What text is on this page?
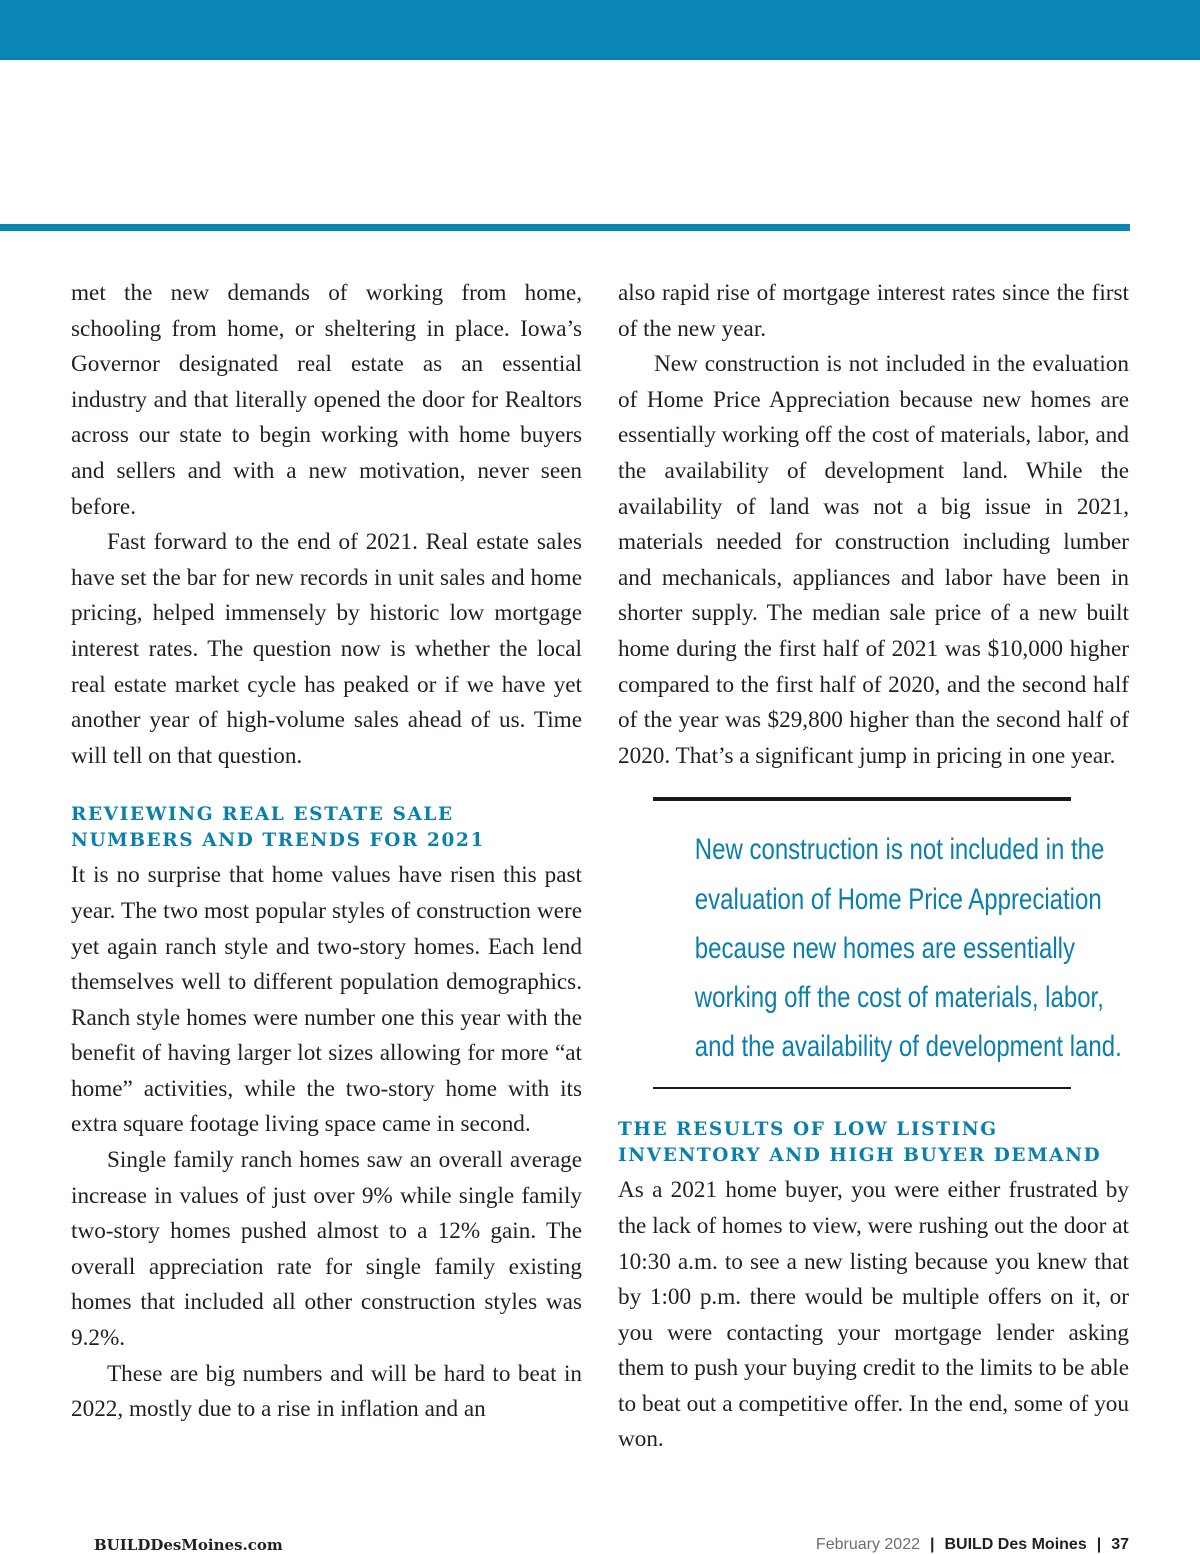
met the new demands of working from home, schooling from home, or sheltering in place. Iowa’s Governor designated real estate as an essential industry and that literally opened the door for Realtors across our state to begin working with home buyers and sellers and with a new motivation, never seen before.

Fast forward to the end of 2021. Real estate sales have set the bar for new records in unit sales and home pricing, helped immensely by historic low mortgage interest rates. The question now is whether the local real estate market cycle has peaked or if we have yet another year of high-volume sales ahead of us. Time will tell on that question.

REVIEWING REAL ESTATE SALE NUMBERS AND TRENDS FOR 2021

It is no surprise that home values have risen this past year. The two most popular styles of construction were yet again ranch style and two-story homes. Each lend themselves well to different population demographics. Ranch style homes were number one this year with the benefit of having larger lot sizes allowing for more “at home” activities, while the two-story home with its extra square footage living space came in second.

Single family ranch homes saw an overall average increase in values of just over 9% while single family two-story homes pushed almost to a 12% gain. The overall appreciation rate for single family existing homes that included all other construction styles was 9.2%.

These are big numbers and will be hard to beat in 2022, mostly due to a rise in inflation and an

also rapid rise of mortgage interest rates since the first of the new year.

New construction is not included in the evaluation of Home Price Appreciation because new homes are essentially working off the cost of materials, labor, and the availability of development land. While the availability of land was not a big issue in 2021, materials needed for construction including lumber and mechanicals, appliances and labor have been in shorter supply. The median sale price of a new built home during the first half of 2021 was $10,000 higher compared to the first half of 2020, and the second half of the year was $29,800 higher than the second half of 2020. That’s a significant jump in pricing in one year.

New construction is not included in the
evaluation of Home Price Appreciation
because new homes are essentially
working off the cost of materials, labor,
and the availability of development land.
THE RESULTS OF LOW LISTING INVENTORY AND HIGH BUYER DEMAND

As a 2021 home buyer, you were either frustrated by the lack of homes to view, were rushing out the door at 10:30 a.m. to see a new listing because you knew that by 1:00 p.m. there would be multiple offers on it, or you were contacting your mortgage lender asking them to push your buying credit to the limits to be able to beat out a competitive offer. In the end, some of you won.

BUILDDesMoines.com	February 2022 | BUILD Des Moines | 37
